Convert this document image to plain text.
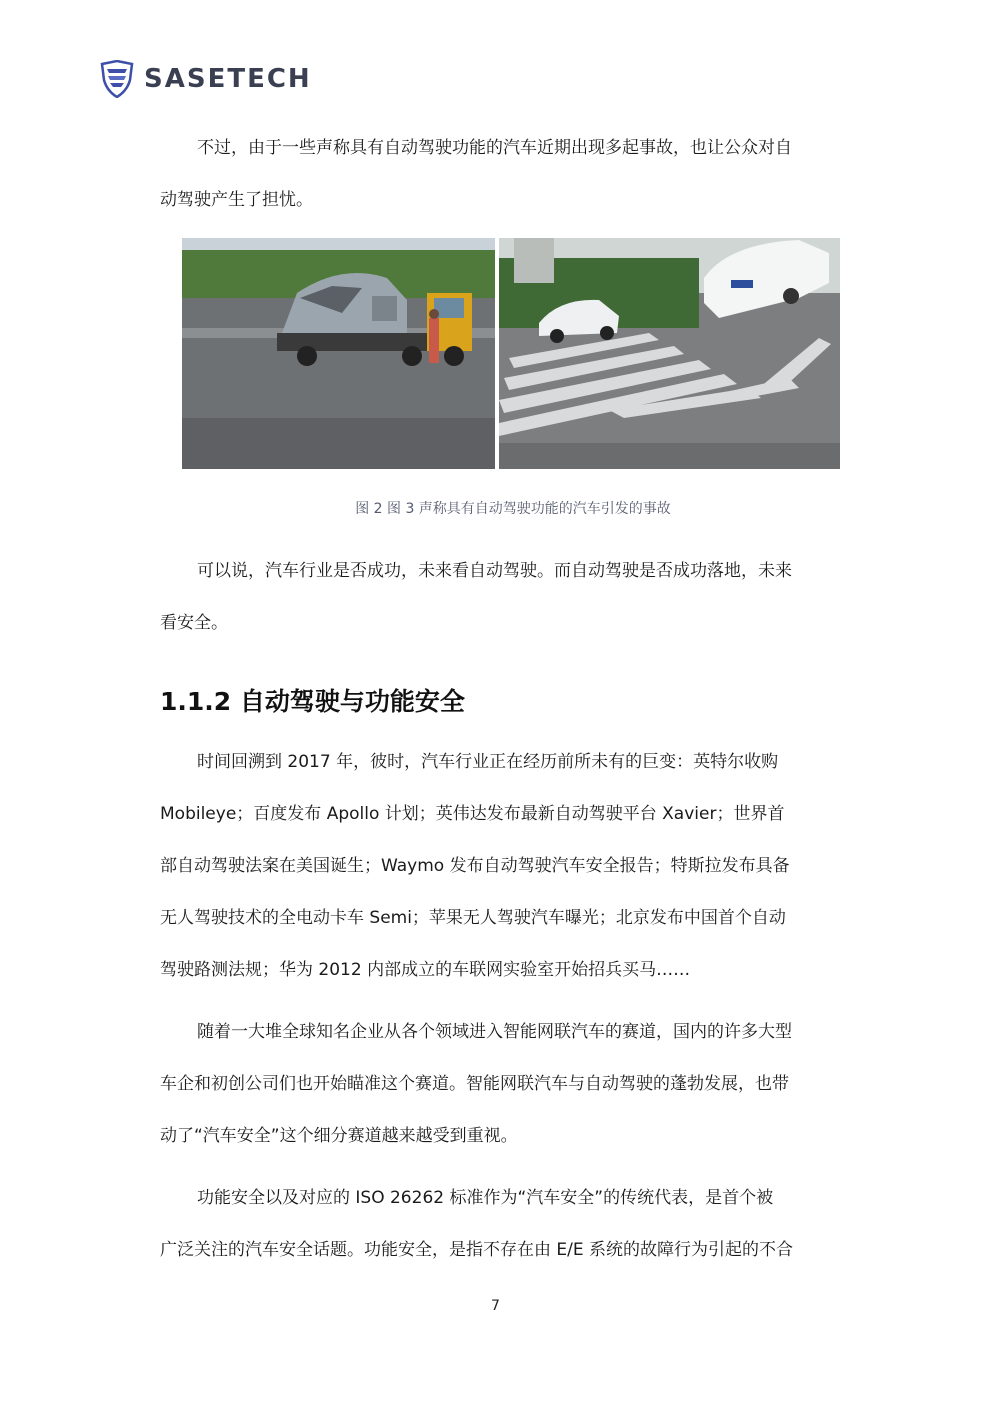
SASETECH
不过，由于一些声称具有自动驾驶功能的汽车近期出现多起事故，也让公众对自
动驾驶产生了担忧。
图 2 图 3 声称具有自动驾驶功能的汽车引发的事故
可以说，汽车行业是否成功，未来看自动驾驶。而自动驾驶是否成功落地，未来
看安全。
1.1.2 自动驾驶与功能安全
时间回溯到 2017 年，彼时，汽车行业正在经历前所未有的巨变：英特尔收购
Mobileye；百度发布 Apollo 计划；英伟达发布最新自动驾驶平台 Xavier；世界首
部自动驾驶法案在美国诞生；Waymo 发布自动驾驶汽车安全报告；特斯拉发布具备
无人驾驶技术的全电动卡车 Semi；苹果无人驾驶汽车曝光；北京发布中国首个自动
驾驶路测法规；华为 2012 内部成立的车联网实验室开始招兵买马……
随着一大堆全球知名企业从各个领域进入智能网联汽车的赛道，国内的许多大型
车企和初创公司们也开始瞄准这个赛道。智能网联汽车与自动驾驶的蓬勃发展，也带
动了“汽车安全”这个细分赛道越来越受到重视。
功能安全以及对应的 ISO 26262 标准作为“汽车安全”的传统代表，是首个被
广泛关注的汽车安全话题。功能安全，是指不存在由 E/E 系统的故障行为引起的不合
7
